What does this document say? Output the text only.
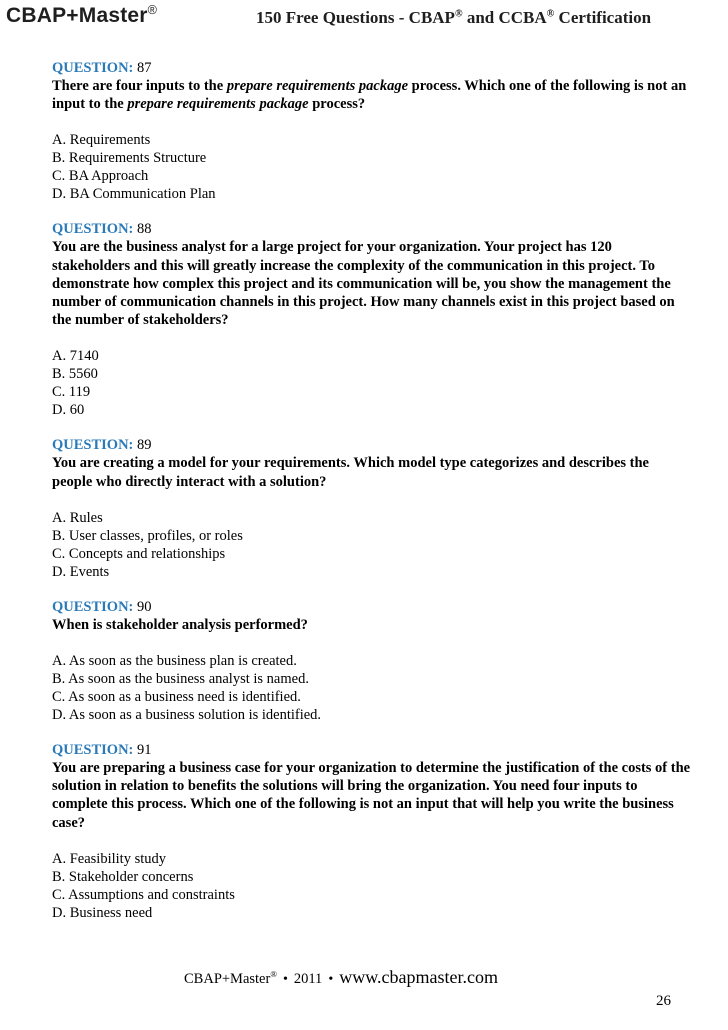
CBAP+Master®	150 Free Questions - CBAP® and CCBA® Certification
QUESTION: 87
There are four inputs to the prepare requirements package process. Which one of the following is not an input to the prepare requirements package process?
A. Requirements
B. Requirements Structure
C. BA Approach
D. BA Communication Plan
QUESTION: 88
You are the business analyst for a large project for your organization. Your project has 120 stakeholders and this will greatly increase the complexity of the communication in this project. To demonstrate how complex this project and its communication will be, you show the management the number of communication channels in this project. How many channels exist in this project based on the number of stakeholders?
A. 7140
B. 5560
C. 119
D. 60
QUESTION: 89
You are creating a model for your requirements. Which model type categorizes and describes the people who directly interact with a solution?
A. Rules
B. User classes, profiles, or roles
C. Concepts and relationships
D. Events
QUESTION: 90
When is stakeholder analysis performed?
A. As soon as the business plan is created.
B. As soon as the business analyst is named.
C. As soon as a business need is identified.
D. As soon as a business solution is identified.
QUESTION: 91
You are preparing a business case for your organization to determine the justification of the costs of the solution in relation to benefits the solutions will bring the organization. You need four inputs to complete this process. Which one of the following is not an input that will help you write the business case?
A. Feasibility study
B. Stakeholder concerns
C. Assumptions and constraints
D. Business need
CBAP+Master® • 2011 • www.cbapmaster.com
26
